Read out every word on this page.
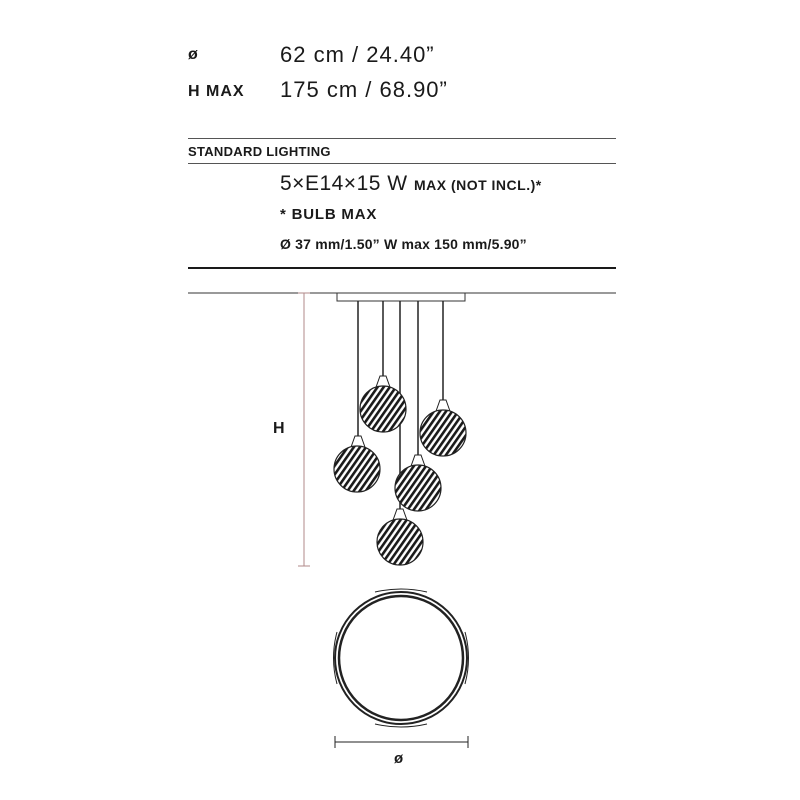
ø	62 cm / 24.40”
H MAX 175 cm / 68.90”
STANDARD LIGHTING
5×E14×15 W MAX (NOT INCL.)*
* BULB MAX
Ø 37 mm/1.50” W max 150 mm/5.90”
H
ø
